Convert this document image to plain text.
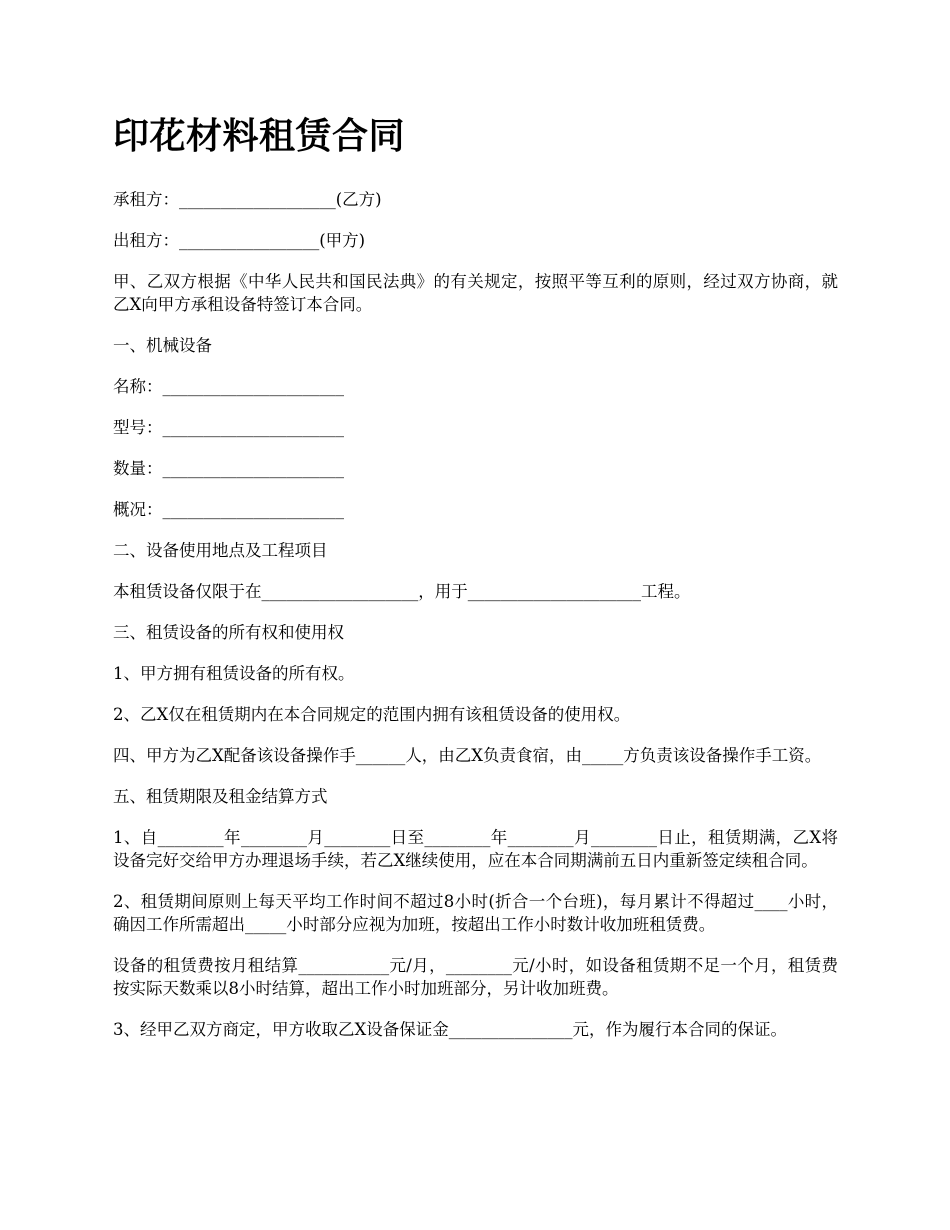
印花材料租赁合同
承租方：___________________(乙方)
出租方：_________________(甲方)
甲、乙双方根据《中华人民共和国民法典》的有关规定，按照平等互利的原则，经过双方协商，就乙X向甲方承租设备特签订本合同。
一、机械设备
名称：______________________
型号：______________________
数量：______________________
概况：______________________
二、设备使用地点及工程项目
本租赁设备仅限于在___________________，用于_____________________工程。
三、租赁设备的所有权和使用权
1、甲方拥有租赁设备的所有权。
2、乙X仅在租赁期内在本合同规定的范围内拥有该租赁设备的使用权。
四、甲方为乙X配备该设备操作手______人，由乙X负责食宿，由_____方负责该设备操作手工资。
五、租赁期限及租金结算方式
1、自________年________月________日至________年________月________日止，租赁期满，乙X将设备完好交给甲方办理退场手续，若乙X继续使用，应在本合同期满前五日内重新签定续租合同。
2、租赁期间原则上每天平均工作时间不超过8小时(折合一个台班)，每月累计不得超过____小时，确因工作所需超出_____小时部分应视为加班，按超出工作小时数计收加班租赁费。
设备的租赁费按月租结算___________元/月，________元/小时，如设备租赁期不足一个月，租赁费按实际天数乘以8小时结算，超出工作小时加班部分，另计收加班费。
3、经甲乙双方商定，甲方收取乙X设备保证金_______________元，作为履行本合同的保证。
